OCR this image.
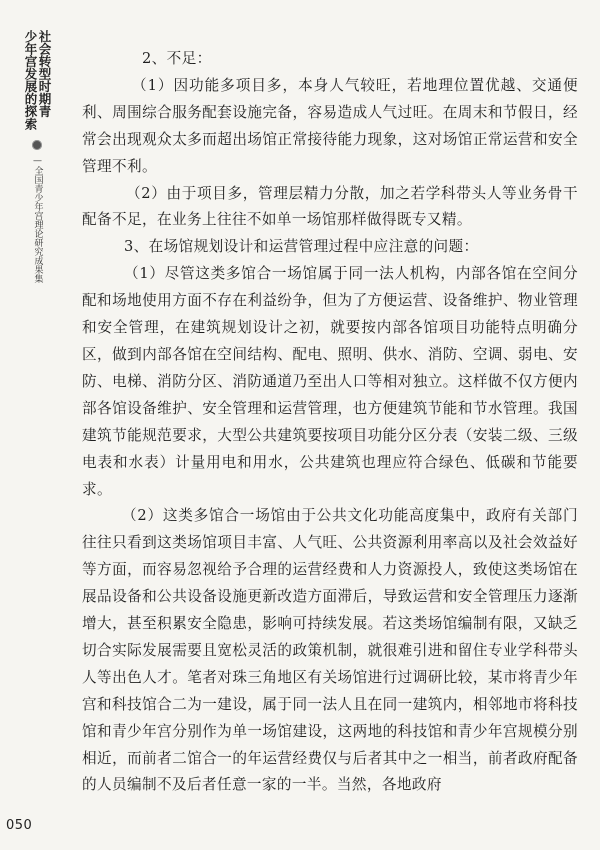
社会转型时期青
少年宫发展的探索
—全国青少年宫理论研究成果集

2、不足：

（1）因功能多项目多，本身人气较旺，若地理位置优越、交通便利、周围综合服务配套设施完备，容易造成人气过旺。在周末和节假日，经常会出现观众太多而超出场馆正常接待能力现象，这对场馆正常运营和安全管理不利。

（2）由于项目多，管理层精力分散，加之若学科带头人等业务骨干配备不足，在业务上往往不如单一场馆那样做得既专又精。

3、在场馆规划设计和运营管理过程中应注意的问题：

（1）尽管这类多馆合一场馆属于同一法人机构，内部各馆在空间分配和场地使用方面不存在利益纷争，但为了方便运营、设备维护、物业管理和安全管理，在建筑规划设计之初，就要按内部各馆项目功能特点明确分区，做到内部各馆在空间结构、配电、照明、供水、消防、空调、弱电、安防、电梯、消防分区、消防通道乃至出人口等相对独立。这样做不仅方便内部各馆设备维护、安全管理和运营管理，也方便建筑节能和节水管理。我国建筑节能规范要求，大型公共建筑要按项目功能分区分表（安装二级、三级电表和水表）计量用电和用水，公共建筑也理应符合绿色、低碳和节能要求。

（2）这类多馆合一场馆由于公共文化功能高度集中，政府有关部门往往只看到这类场馆项目丰富、人气旺、公共资源利用率高以及社会效益好等方面，而容易忽视给予合理的运营经费和人力资源投人，致使这类场馆在展品设备和公共设备设施更新改造方面滞后，导致运营和安全管理压力逐渐增大，甚至积累安全隐患，影响可持续发展。若这类场馆编制有限，又缺乏切合实际发展需要且宽松灵活的政策机制，就很难引进和留住专业学科带头人等出色人才。笔者对珠三角地区有关场馆进行过调研比较，某市将青少年宫和科技馆合二为一建设，属于同一法人且在同一建筑内，相邻地市将科技馆和青少年宫分别作为单一场馆建设，这两地的科技馆和青少年宫规模分别相近，而前者二馆合一的年运营经费仅与后者其中之一相当，前者政府配备的人员编制不及后者任意一家的一半。当然，各地政府

050
